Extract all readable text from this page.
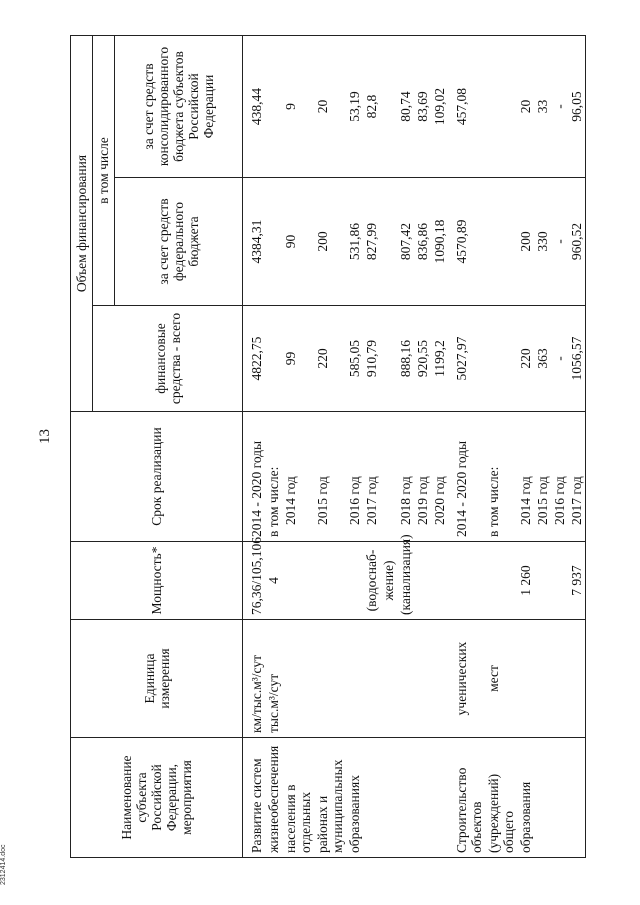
13
Наименование субъекта Российской Федерации, мероприятия	Единица измерения	Мощность*	Срок реализации	Объем финансирования		
				финансовые средства - всего	в том числе	
					за счет средств федерального бюджета	за счет средств консолидированного бюджета субъектов Российской Федерации
Развитие систем	км/тыс.м³/сут	76,36/105,106	2014 - 2020 годы	4822,75	4384,31	438,44
жизнеобеспечения	тыс.м³/сут	4	в том числе:			
населения в отдельных			2014 год	99	90	9
районах и муниципальных			2015 год	220	200	20
образованиях			2016 год	585,05	531,86	53,19
		(водоснаб-	2017 год	910,79	827,99	82,8
		жение)				
		(канализация)	2018 год	888,16	807,42	80,74
			2019 год	920,55	836,86	83,69
			2020 год	1199,2	1090,18	109,02
Строительство объектов	ученических		2014 - 2020 годы	5027,97	4570,89	457,08
(учреждений) общего	мест		в том числе:			
образования		1 260	2014 год	220	200	20
			2015 год	363	330	33
			2016 год	-	-	-
		7 937	2017 год	1056,57	960,52	96,05
2312414.doc
